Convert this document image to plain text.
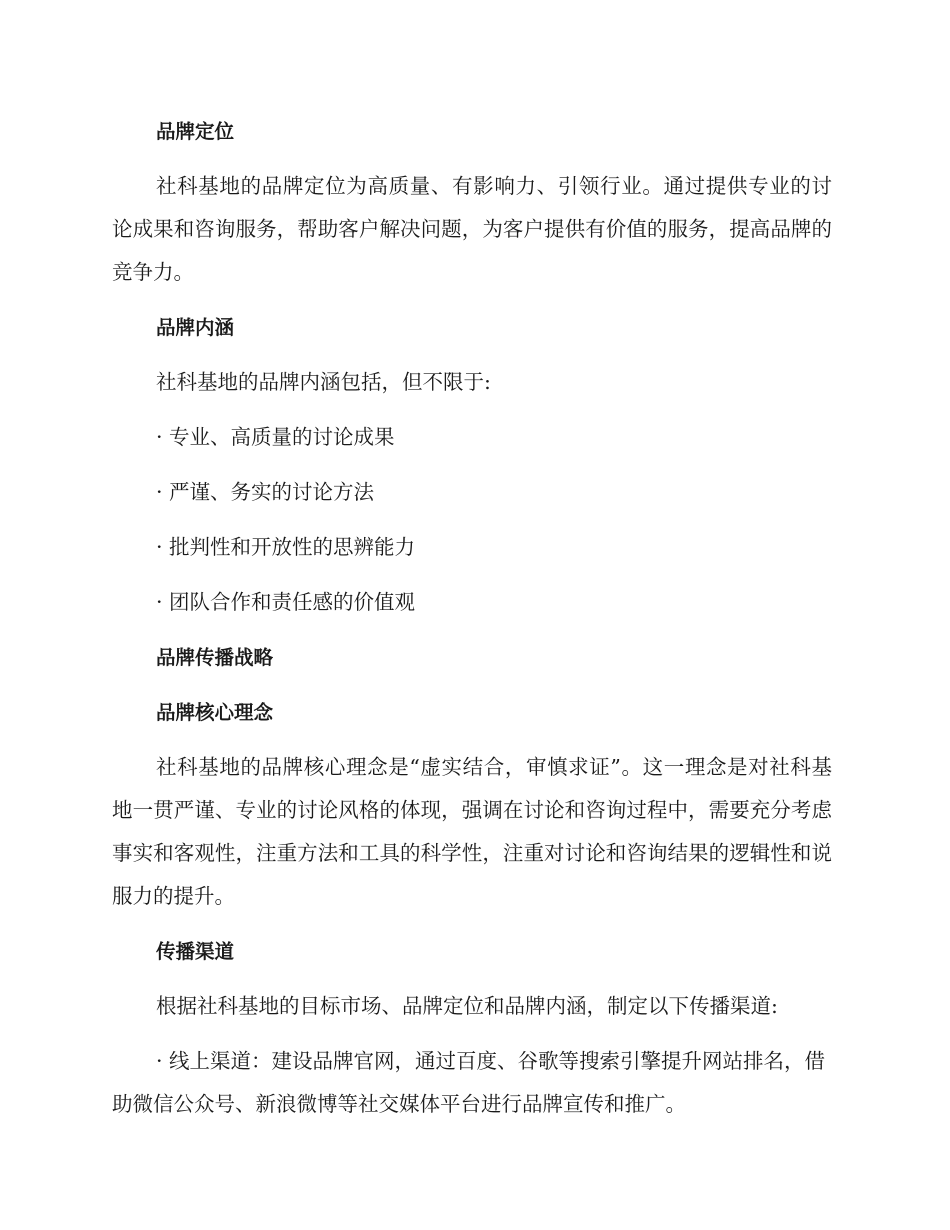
品牌定位
社科基地的品牌定位为高质量、有影响力、引领行业。通过提供专业的讨论成果和咨询服务，帮助客户解决问题，为客户提供有价值的服务，提高品牌的竞争力。
品牌内涵
社科基地的品牌内涵包括，但不限于:
· 专业、高质量的讨论成果
· 严谨、务实的讨论方法
· 批判性和开放性的思辨能力
· 团队合作和责任感的价值观
品牌传播战略
品牌核心理念
社科基地的品牌核心理念是“虚实结合，审慎求证”。这一理念是对社科基地一贯严谨、专业的讨论风格的体现，强调在讨论和咨询过程中，需要充分考虑事实和客观性，注重方法和工具的科学性，注重对讨论和咨询结果的逻辑性和说服力的提升。
传播渠道
根据社科基地的目标市场、品牌定位和品牌内涵，制定以下传播渠道:
· 线上渠道：建设品牌官网，通过百度、谷歌等搜索引擎提升网站排名，借助微信公众号、新浪微博等社交媒体平台进行品牌宣传和推广。
